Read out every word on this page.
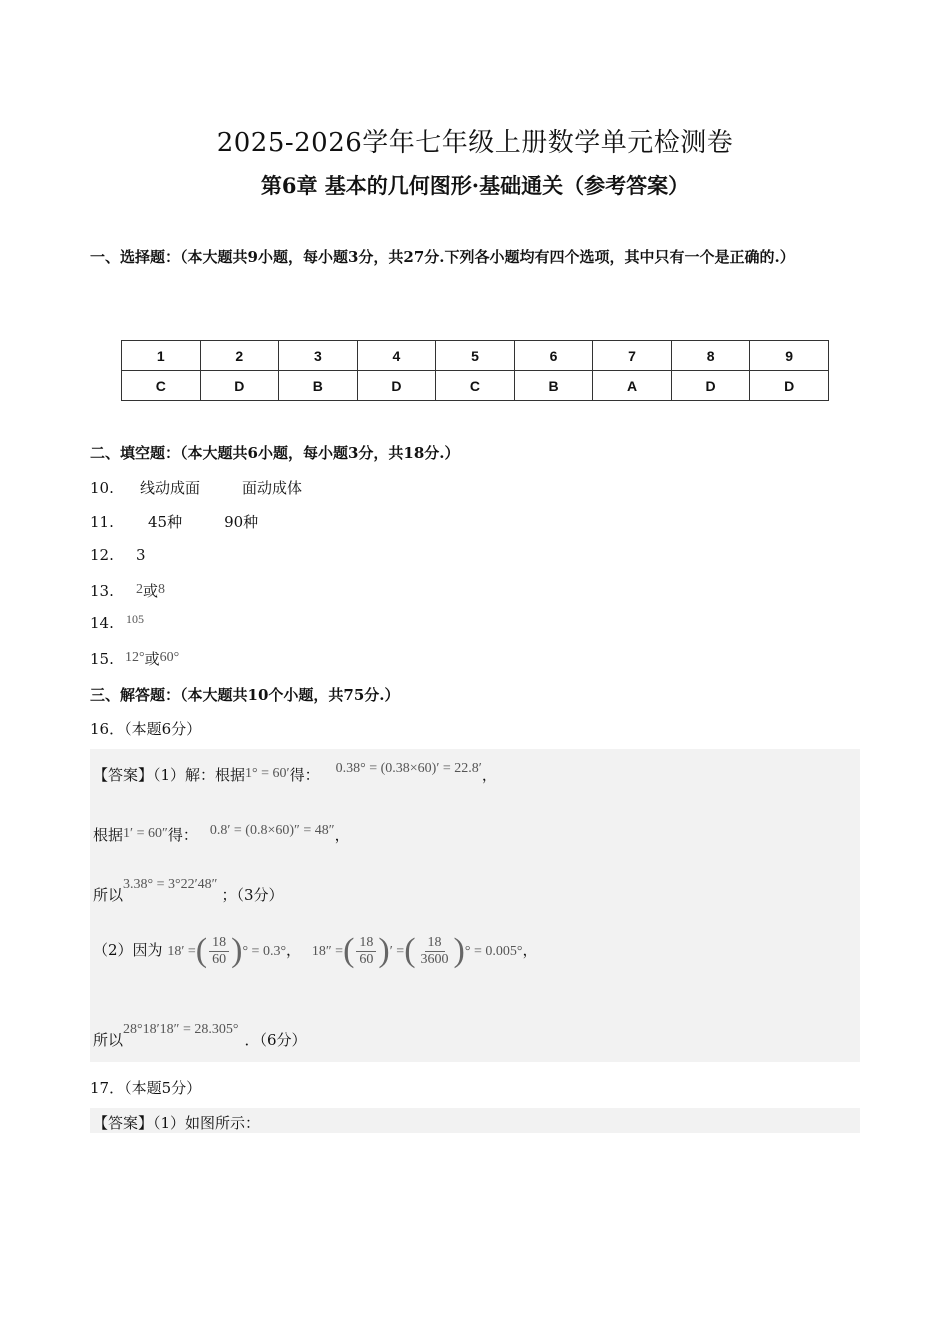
2025-2026学年七年级上册数学单元检测卷
第6章 基本的几何图形·基础通关（参考答案）
一、选择题：（本大题共9小题，每小题3分，共27分.下列各小题均有四个选项，其中只有一个是正确的.）
1	2	3	4	5	6	7	8	9
C	D	B	D	C	B	A	D	D
二、填空题：（本大题共6小题，每小题3分，共18分.）
10. 线动成面	面动成体
11. 45种	90种
12. 3
13. 2或8
14. $^{105}$
15. 12°或60°
三、解答题：（本大题共10个小题，共75分.）
16．（本题6分）
【答案】（1）解：根据1° = 60′得： 0.38° = (0.38×60)′ = 22.8′，
根据1′ = 60″得： 0.8′ = (0.8×60)″ = 48″，
所以3.38° = 3°22′48″；（3分）
（2）因为 18′ =( $\frac{18}{60}$ )° = 0.3°， 18″ =( $\frac{18}{60}$ )′ =( $\frac{18}{3600}$ )° = 0.005°，
所以28°18′18″ = 28.305°．（6分）
17．（本题5分）
【答案】（1）如图所示：
